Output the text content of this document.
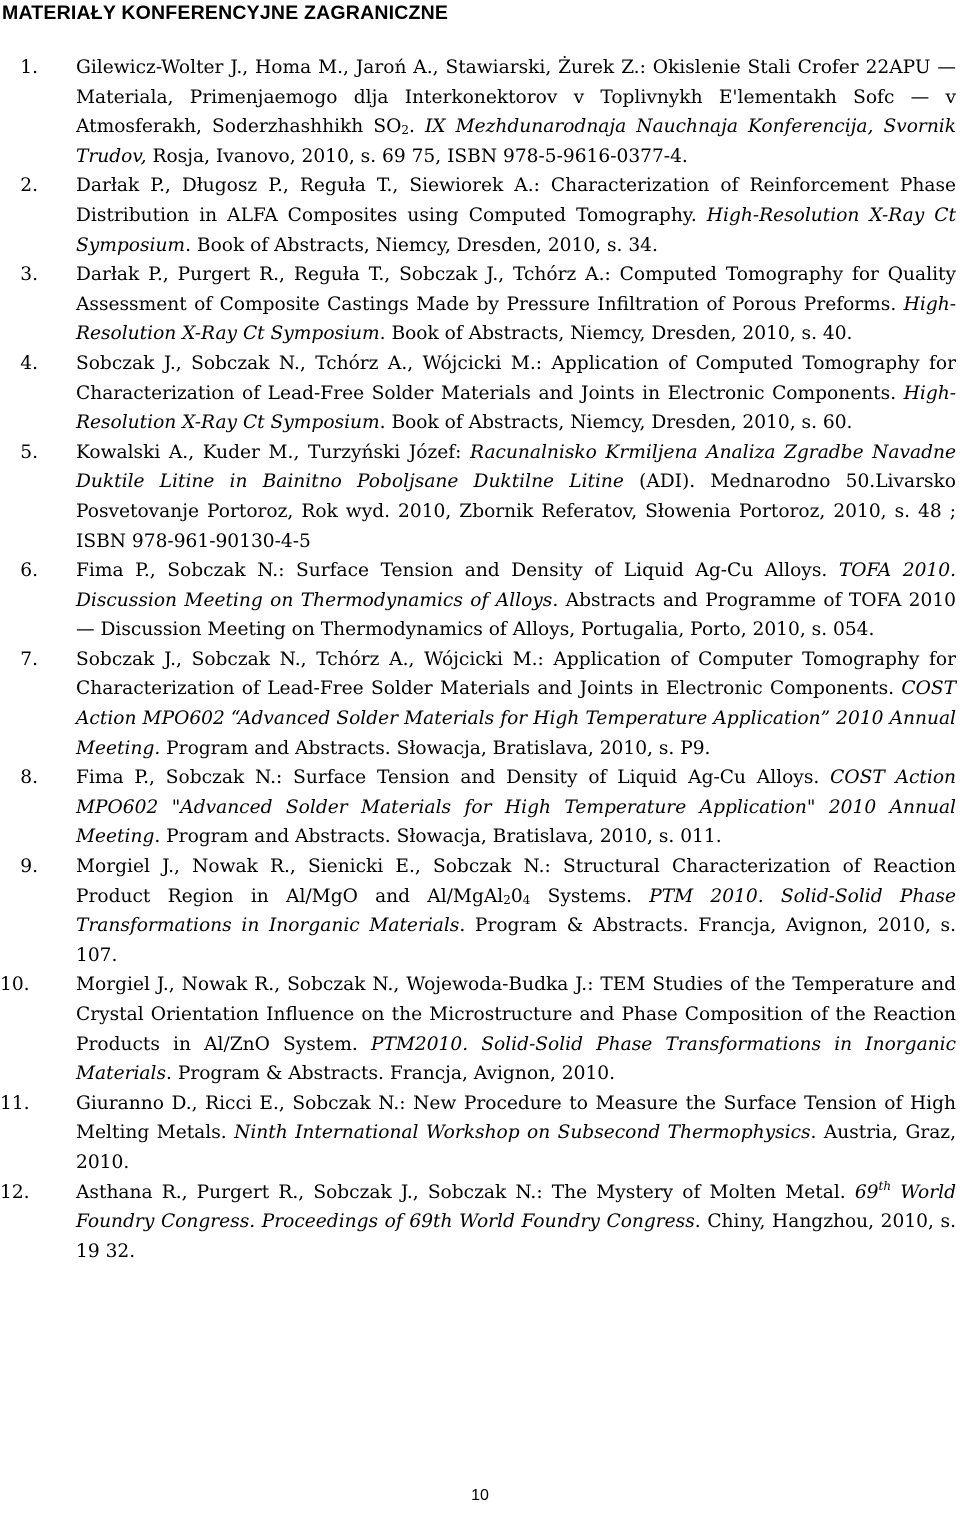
MATERIAŁY KONFERENCYJNE ZAGRANICZNE
1.	Gilewicz-Wolter J., Homa M., Jaroń A., Stawiarski, Żurek Z.: Okislenie Stali Crofer 22APU — Materiala, Primenjaemogo dlja Interkonektorov v Toplivnykh E'lementakh Sofc — v Atmosferakh, Soderzhashhikh $SO_2$. IX Mezhdunarodnaja Nauchnaja Konferencija, Svornik Trudov, Rosja, Ivanovo, 2010, s. 69 75, ISBN 978-5-9616-0377-4.
2.	Darłak P., Długosz P., Reguła T., Siewiorek A.: Characterization of Reinforcement Phase Distribution in ALFA Composites using Computed Tomography. High-Resolution X-Ray Ct Symposium. Book of Abstracts, Niemcy, Dresden, 2010, s. 34.
3.	Darłak P., Purgert R., Reguła T., Sobczak J., Tchórz A.: Computed Tomography for Quality Assessment of Composite Castings Made by Pressure Infiltration of Porous Preforms. High-Resolution X-Ray Ct Symposium. Book of Abstracts, Niemcy, Dresden, 2010, s. 40.
4.	Sobczak J., Sobczak N., Tchórz A., Wójcicki M.: Application of Computed Tomography for Characterization of Lead-Free Solder Materials and Joints in Electronic Components. High-Resolution X-Ray Ct Symposium. Book of Abstracts, Niemcy, Dresden, 2010, s. 60.
5.	Kowalski A., Kuder M., Turzyński Józef: Racunalnisko Krmiljena Analiza Zgradbe Navadne Duktile Litine in Bainitno Poboljsane Duktilne Litine (ADI). Mednarodno 50.Livarsko Posvetovanje Portoroz, Rok wyd. 2010, Zbornik Referatov, Słowenia Portoroz, 2010, s. 48 ; ISBN 978-961-90130-4-5
6.	Fima P., Sobczak N.: Surface Tension and Density of Liquid Ag-Cu Alloys. TOFA 2010. Discussion Meeting on Thermodynamics of Alloys. Abstracts and Programme of TOFA 2010 — Discussion Meeting on Thermodynamics of Alloys, Portugalia, Porto, 2010, s. 054.
7.	Sobczak J., Sobczak N., Tchórz A., Wójcicki M.: Application of Computer Tomography for Characterization of Lead-Free Solder Materials and Joints in Electronic Components. COST Action MPO602 “Advanced Solder Materials for High Temperature Application” 2010 Annual Meeting. Program and Abstracts. Słowacja, Bratislava, 2010, s. P9.
8.	Fima P., Sobczak N.: Surface Tension and Density of Liquid Ag-Cu Alloys. COST Action MPO602 "Advanced Solder Materials for High Temperature Application" 2010 Annual Meeting. Program and Abstracts. Słowacja, Bratislava, 2010, s. 011.
9.	Morgiel J., Nowak R., Sienicki E., Sobczak N.: Structural Characterization of Reaction Product Region in Al/MgO and $Al/MgAl_20_4$ Systems. PTM 2010. Solid-Solid Phase Transformations in Inorganic Materials. Program & Abstracts. Francja, Avignon, 2010, s. 107.
10.	Morgiel J., Nowak R., Sobczak N., Wojewoda-Budka J.: TEM Studies of the Temperature and Crystal Orientation Influence on the Microstructure and Phase Composition of the Reaction Products in Al/ZnO System. PTM2010. Solid-Solid Phase Transformations in Inorganic Materials. Program & Abstracts. Francja, Avignon, 2010.
11.	Giuranno D., Ricci E., Sobczak N.: New Procedure to Measure the Surface Tension of High Melting Metals. Ninth International Workshop on Subsecond Thermophysics. Austria, Graz, 2010.
12.	Asthana R., Purgert R., Sobczak J., Sobczak N.: The Mystery of Molten Metal. 69th World Foundry Congress. Proceedings of 69th World Foundry Congress. Chiny, Hangzhou, 2010, s. 19 32.
10
